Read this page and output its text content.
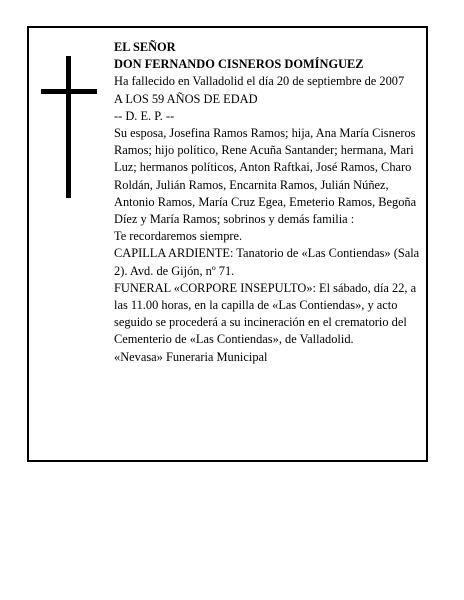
EL SEÑOR

DON FERNANDO CISNEROS DOMÍNGUEZ

Ha fallecido en Valladolid el día 20 de septiembre de 2007

A LOS 59 AÑOS DE EDAD

-- D. E. P. --

Su esposa, Josefina Ramos Ramos; hija, Ana María Cisneros Ramos; hijo político, Rene Acuña Santander; hermana, Mari Luz; hermanos políticos, Anton Raftkai, José Ramos, Charo Roldán, Julián Ramos, Encarnita Ramos, Julián Núñez, Antonio Ramos, María Cruz Egea, Emeterio Ramos, Begoña Díez y María Ramos; sobrinos y demás familia :

Te recordaremos siempre.

CAPILLA ARDIENTE: Tanatorio de «Las Contiendas» (Sala 2). Avd. de Gijón, nº 71.

FUNERAL «CORPORE INSEPULTO»: El sábado, día 22, a las 11.00 horas, en la capilla de «Las Contiendas», y acto seguido se procederá a su incineración en el crematorio del Cementerio de «Las Contiendas», de Valladolid.

«Nevasa» Funeraria Municipal
